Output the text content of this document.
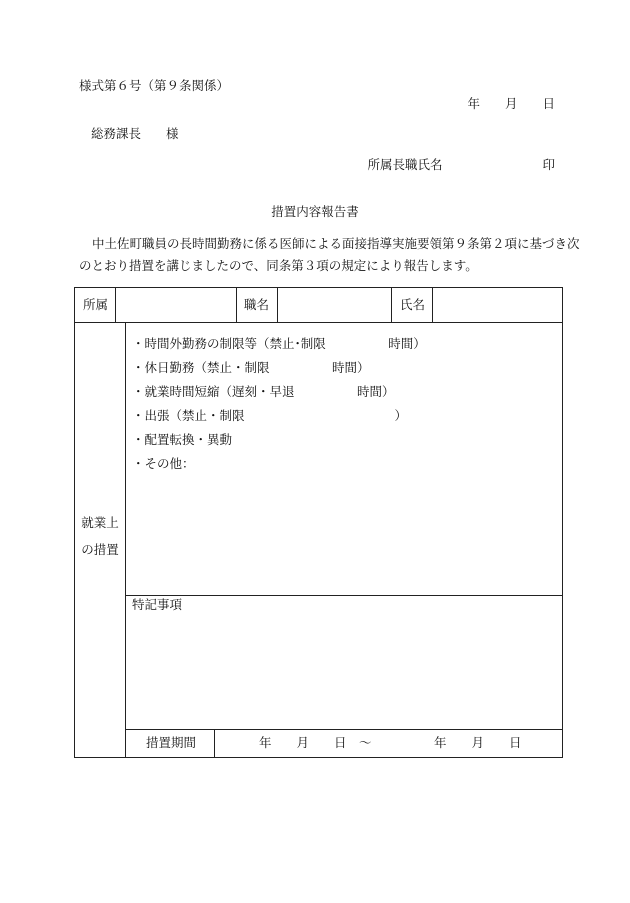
様式第６号（第９条関係）
年　　月　　日
総務課長　　様
所属長職氏名　　　　　　　　印
措置内容報告書
中土佐町職員の長時間勤務に係る医師による面接指導実施要領第９条第２項に基づき次
のとおり措置を講じましたので、同条第３項の規定により報告します。
所属	職名	氏名
就業上
の措置
・時間外勤務の制限等（禁止･制限　　　　　時間）
・休日勤務（禁止・制限　　　　　時間）
・就業時間短縮（遅刻・早退　　　　　時間）
・出張（禁止・制限　　　　　　　　　　　　）
・配置転換・異動
・その他：
特記事項
措置期間	年　　月　　日　～　　　　　年　　月　　日
